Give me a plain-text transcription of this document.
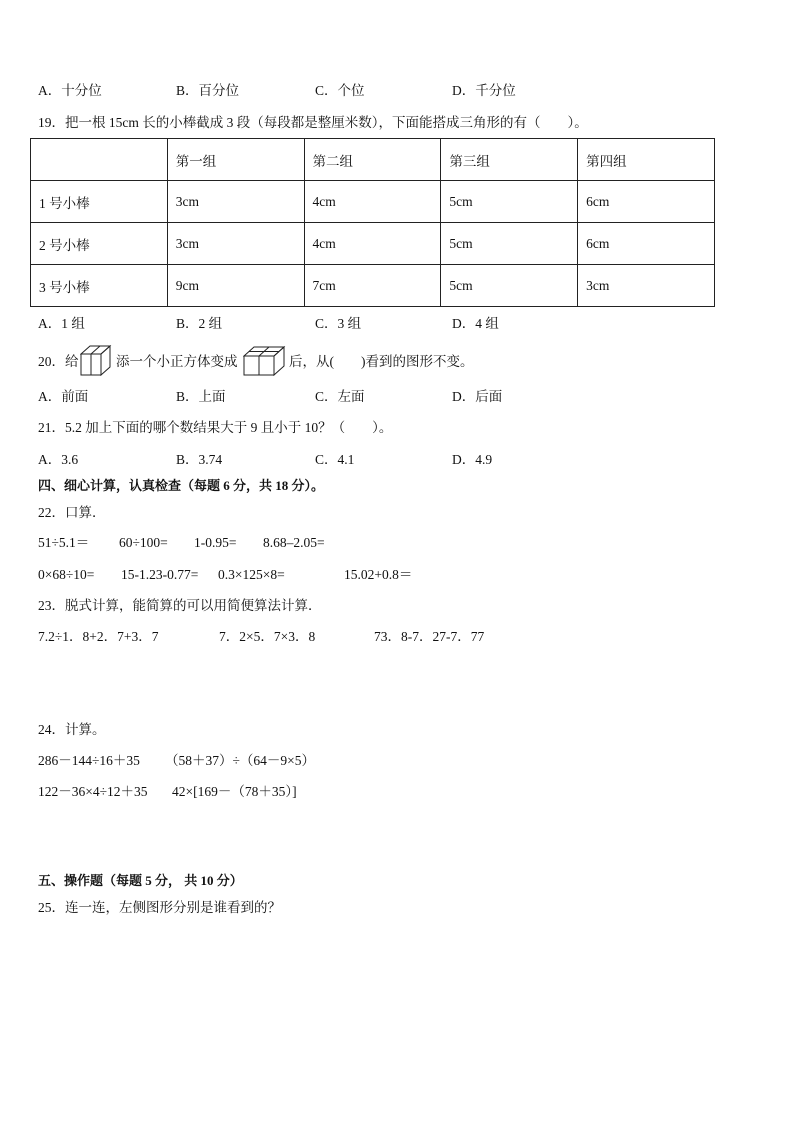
A．十分位	B．百分位	C．个位	D．千分位
19．把一根 15cm 长的小棒截成 3 段（每段都是整厘米数），下面能搭成三角形的有（　　）。
	第一组	第二组	第三组	第四组
1 号小棒	3cm	4cm	5cm	6cm
2 号小棒	3cm	4cm	5cm	6cm
3 号小棒	9cm	7cm	5cm	3cm
A．1 组	B．2 组	C．3 组	D．4 组
20．给	添一个小正方体变成	后，从(　　)看到的图形不变。
A．前面	B．上面	C．左面	D．后面
21．5.2 加上下面的哪个数结果大于 9 且小于 10？（　　）。
A．3.6	B．3.74	C．4.1	D．4.9
四、细心计算，认真检查（每题 6 分，共 18 分）。
22．口算．
51÷5.1＝ 60÷100= 1-0.95= 8.68–2.05=
0×68÷10= 15-1.23-0.77= 0.3×125×8=	15.02+0.8＝
23．脱式计算，能简算的可以用简便算法计算．
7.2÷1．8+2．7+3．7	7．2×5．7×3．8	73．8-7．27-7．77
24．计算。
286－144÷16＋35 （58＋37）÷（64－9×5）
122－36×4÷12＋35 42×[169－（78＋35）]
五、操作题（每题 5 分， 共 10 分）
25．连一连，左侧图形分别是谁看到的？
